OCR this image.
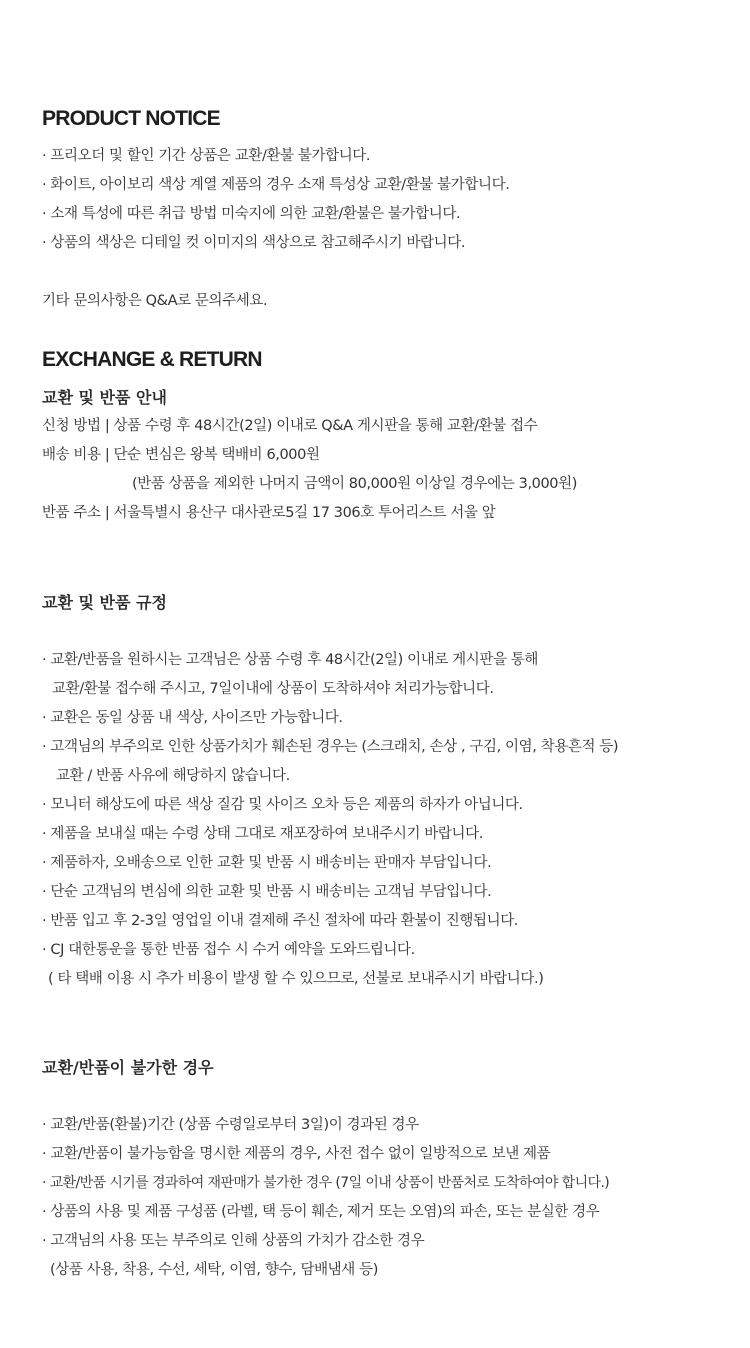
PRODUCT NOTICE
· 프리오더 및 할인 기간 상품은 교환/환불 불가합니다.
· 화이트, 아이보리 색상 계열 제품의 경우 소재 특성상 교환/환불 불가합니다.
· 소재 특성에 따른 취급 방법 미숙지에 의한 교환/환불은 불가합니다.
· 상품의 색상은 디테일 컷 이미지의 색상으로 참고해주시기 바랍니다.
기타 문의사항은 Q&A로 문의주세요.
EXCHANGE & RETURN
교환 및 반품 안내
신청 방법 | 상품 수령 후 48시간(2일) 이내로 Q&A 게시판을 통해 교환/환불 접수
배송 비용 | 단순 변심은 왕복 택배비 6,000원
(반품 상품을 제외한 나머지 금액이 80,000원 이상일 경우에는 3,000원)
반품 주소 | 서울특별시 용산구 대사관로5길 17 306호 투어리스트 서울 앞
교환 및 반품 규정
· 교환/반품을 원하시는 고객님은 상품 수령 후 48시간(2일) 이내로 게시판을 통해
교환/환불 접수해 주시고, 7일이내에 상품이 도착하셔야 처리가능합니다.
· 교환은 동일 상품 내 색상, 사이즈만 가능합니다.
· 고객님의 부주의로 인한 상품가치가 훼손된 경우는 (스크래치, 손상 , 구김, 이염, 착용흔적 등)
교환 / 반품 사유에 해당하지 않습니다.
· 모니터 해상도에 따른 색상 질감 및 사이즈 오차 등은 제품의 하자가 아닙니다.
· 제품을 보내실 때는 수령 상태 그대로 재포장하여 보내주시기 바랍니다.
· 제품하자, 오배송으로 인한 교환 및 반품 시 배송비는 판매자 부담입니다.
· 단순 고객님의 변심에 의한 교환 및 반품 시 배송비는 고객님 부담입니다.
· 반품 입고 후 2-3일 영업일 이내 결제해 주신 절차에 따라 환불이 진행됩니다.
· CJ 대한통운을 통한 반품 접수 시 수거 예약을 도와드립니다.
( 타 택배 이용 시 추가 비용이 발생 할 수 있으므로, 선불로 보내주시기 바랍니다.)
교환/반품이 불가한 경우
· 교환/반품(환불)기간 (상품 수령일로부터 3일)이 경과된 경우
· 교환/반품이 불가능함을 명시한 제품의 경우, 사전 접수 없이 일방적으로 보낸 제품
· 교환/반품 시기를 경과하여 재판매가 불가한 경우 (7일 이내 상품이 반품처로 도착하여야 합니다.)
· 상품의 사용 및 제품 구성품 (라벨, 택 등이 훼손, 제거 또는 오염)의 파손, 또는 분실한 경우
· 고객님의 사용 또는 부주의로 인해 상품의 가치가 감소한 경우
(상품 사용, 착용, 수선, 세탁, 이염, 향수, 담배냄새 등)
